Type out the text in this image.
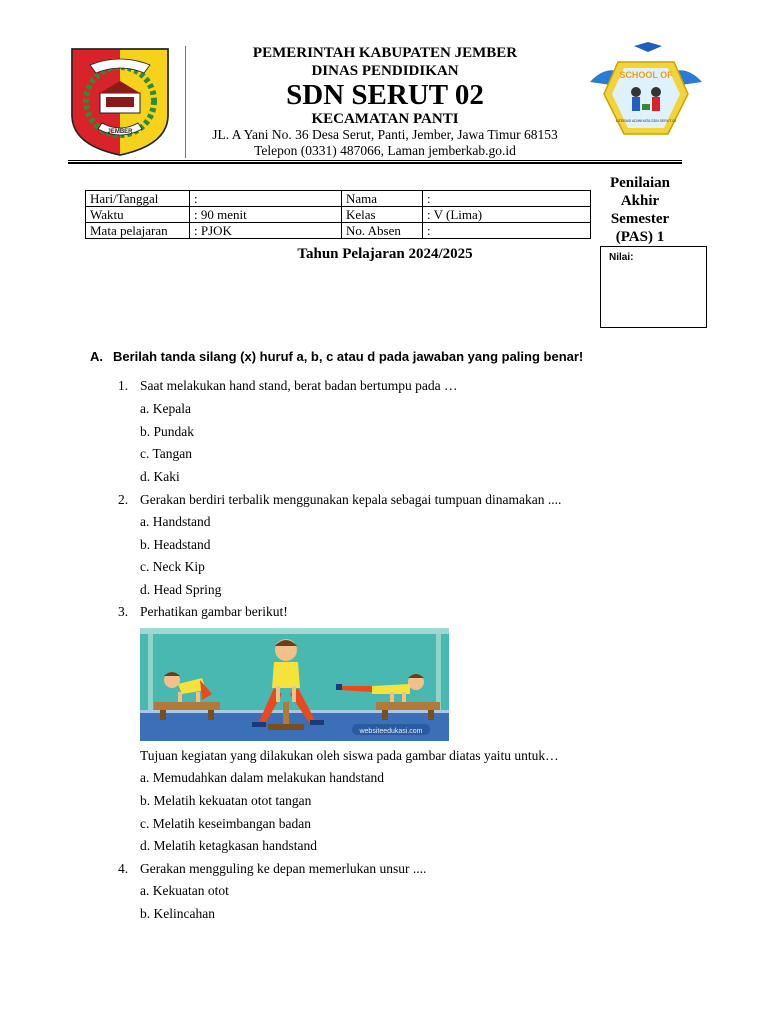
JEMBER
PEMERINTAH KABUPATEN JEMBER
DINAS PENDIDIKAN
SDN SERUT 02
KECAMATAN PANTI
JL. A Yani No. 36 Desa Serut, Panti, Jember, Jawa Timur 68153
Telepon (0331) 487066, Laman jemberkab.go.id
SCHOOL OF
LITERASI ADIWIYATA SDN SERUT 02
Hari/Tanggal	:	Nama	:
Waktu	: 90 menit	Kelas	: V (Lima)
Mata pelajaran	: PJOK	No. Absen	:
Penilaian
Akhir
Semester
(PAS) 1
Nilai:
Tahun Pelajaran 2024/2025
A. Berilah tanda silang (x) huruf a, b, c atau d pada jawaban yang paling benar!
1. Saat melakukan hand stand, berat badan bertumpu pada …
a. Kepala
b. Pundak
c. Tangan
d. Kaki
2. Gerakan berdiri terbalik menggunakan kepala sebagai tumpuan dinamakan ....
a. Handstand
b. Headstand
c. Neck Kip
d. Head Spring
3. Perhatikan gambar berikut!
websiteedukasi.com
Tujuan kegiatan yang dilakukan oleh siswa pada gambar diatas yaitu untuk…
a. Memudahkan dalam melakukan handstand
b. Melatih kekuatan otot tangan
c. Melatih keseimbangan badan
d. Melatih ketagkasan handstand
4. Gerakan mengguling ke depan memerlukan unsur ....
a. Kekuatan otot
b. Kelincahan
